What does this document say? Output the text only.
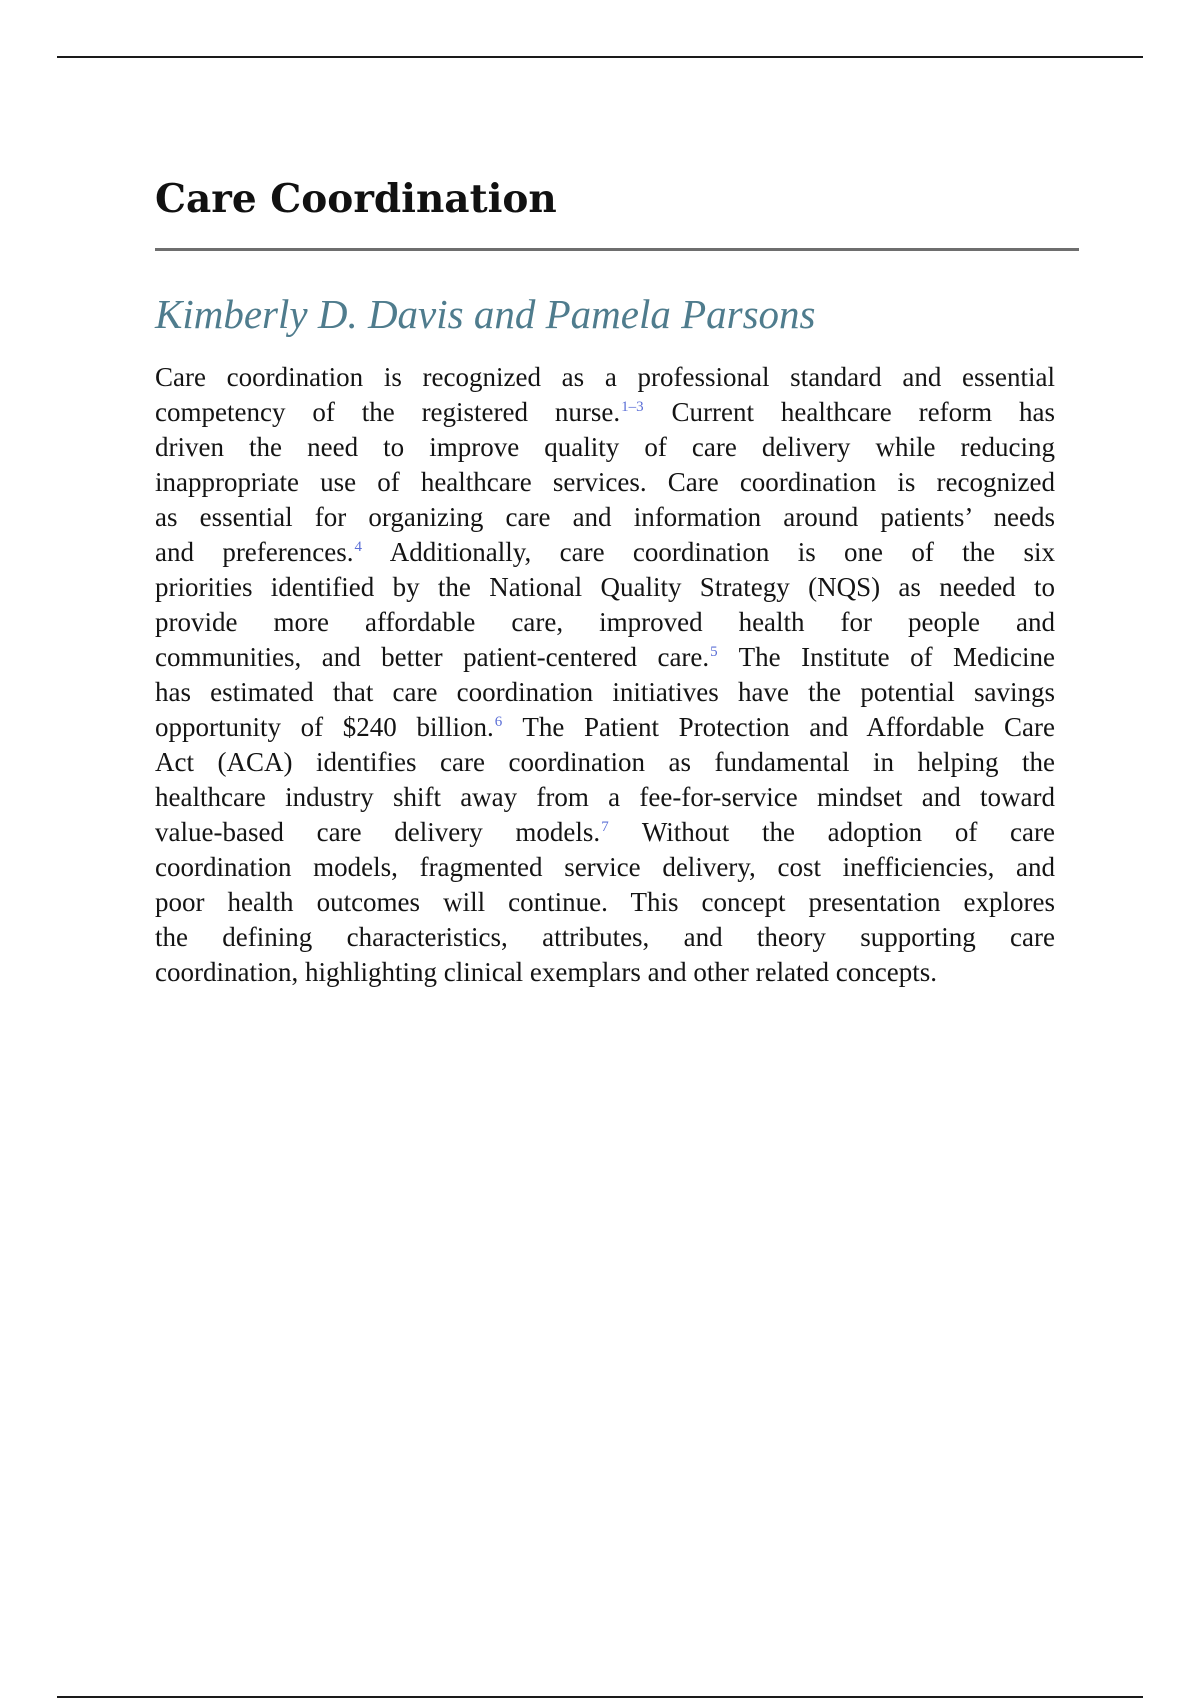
Care Coordination
Kimberly D. Davis and Pamela Parsons

Care coordination is recognized as a professional standard and essential
competency of the registered nurse.$^{1-3}$ Current healthcare reform has
driven the need to improve quality of care delivery while reducing
inappropriate use of healthcare services. Care coordination is recognized
as essential for organizing care and information around patients’ needs
and preferences.$^4$ Additionally, care coordination is one of the six
priorities identified by the National Quality Strategy (NQS) as needed to
provide more affordable care, improved health for people and
communities, and better patient-centered care.$^5$ The Institute of Medicine
has estimated that care coordination initiatives have the potential savings
opportunity of $240 billion.$^6$ The Patient Protection and Affordable Care
Act (ACA) identifies care coordination as fundamental in helping the
healthcare industry shift away from a fee-for-service mindset and toward
value-based care delivery models.$^7$ Without the adoption of care
coordination models, fragmented service delivery, cost inefficiencies, and
poor health outcomes will continue. This concept presentation explores
the defining characteristics, attributes, and theory supporting care
coordination, highlighting clinical exemplars and other related concepts.
